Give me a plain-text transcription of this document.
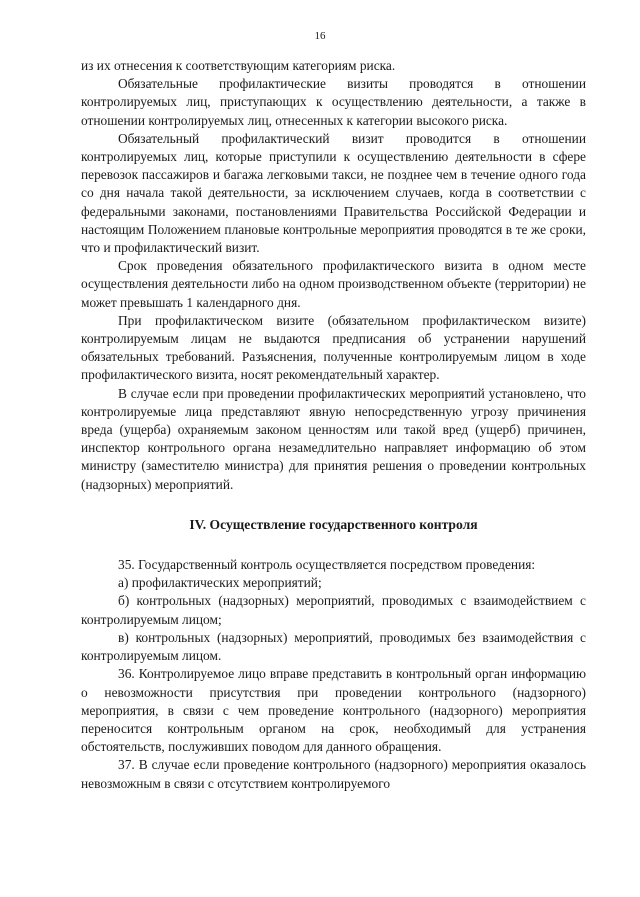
16

из их отнесения к соответствующим категориям риска.

Обязательные профилактические визиты проводятся в отношении контролируемых лиц, приступающих к осуществлению деятельности, а также в отношении контролируемых лиц, отнесенных к категории высокого риска.

Обязательный профилактический визит проводится в отношении контролируемых лиц, которые приступили к осуществлению деятельности в сфере перевозок пассажиров и багажа легковыми такси, не позднее чем в течение одного года со дня начала такой деятельности, за исключением случаев, когда в соответствии с федеральными законами, постановлениями Правительства Российской Федерации и настоящим Положением плановые контрольные мероприятия проводятся в те же сроки, что и профилактический визит.

Срок проведения обязательного профилактического визита в одном месте осуществления деятельности либо на одном производственном объекте (территории) не может превышать 1 календарного дня.

При профилактическом визите (обязательном профилактическом визите) контролируемым лицам не выдаются предписания об устранении нарушений обязательных требований. Разъяснения, полученные контролируемым лицом в ходе профилактического визита, носят рекомендательный характер.

В случае если при проведении профилактических мероприятий установлено, что контролируемые лица представляют явную непосредственную угрозу причинения вреда (ущерба) охраняемым законом ценностям или такой вред (ущерб) причинен, инспектор контрольного органа незамедлительно направляет информацию об этом министру (заместителю министра) для принятия решения о проведении контрольных (надзорных) мероприятий.

IV. Осуществление государственного контроля

35. Государственный контроль осуществляется посредством проведения:

а) профилактических мероприятий;

б) контрольных (надзорных) мероприятий, проводимых с взаимодействием с контролируемым лицом;

в) контрольных (надзорных) мероприятий, проводимых без взаимодействия с контролируемым лицом.

36. Контролируемое лицо вправе представить в контрольный орган информацию о невозможности присутствия при проведении контрольного (надзорного) мероприятия, в связи с чем проведение контрольного (надзорного) мероприятия переносится контрольным органом на срок, необходимый для устранения обстоятельств, послуживших поводом для данного обращения.

37. В случае если проведение контрольного (надзорного) мероприятия оказалось невозможным в связи с отсутствием контролируемого
